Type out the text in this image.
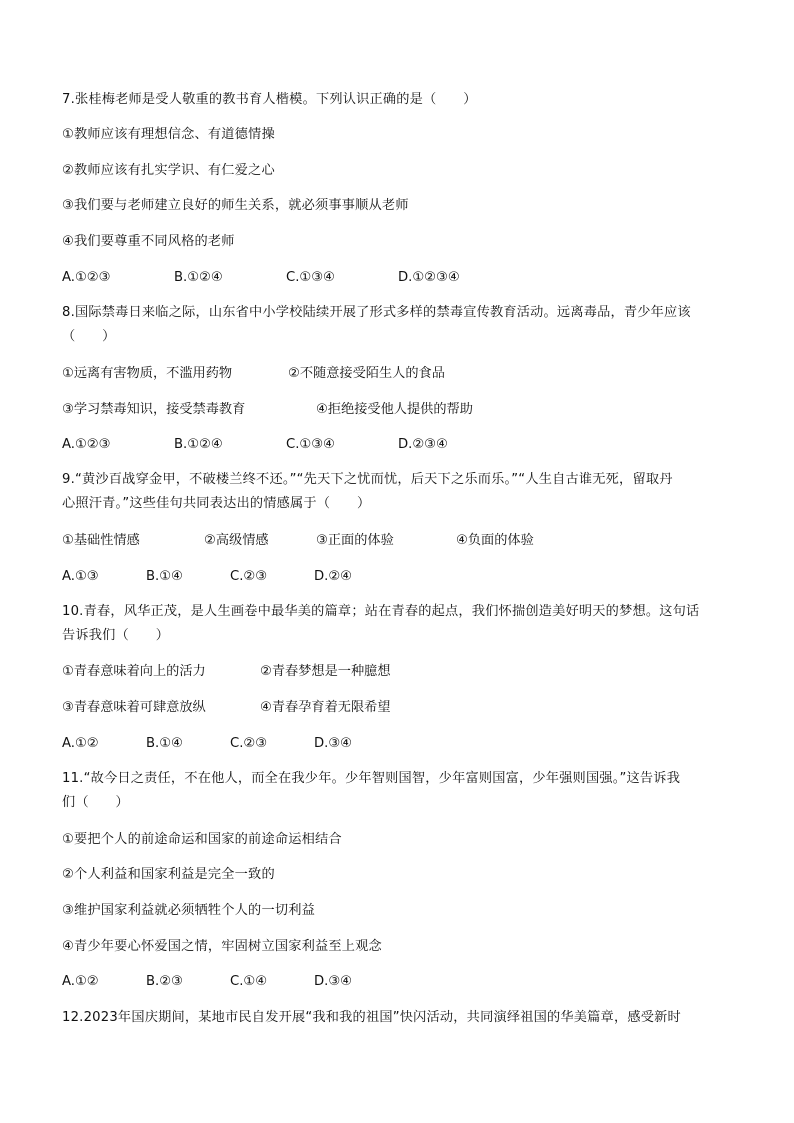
7.张桂梅老师是受人敬重的教书育人楷模。下列认识正确的是（　　）
①教师应该有理想信念、有道德情操
②教师应该有扎实学识、有仁爱之心
③我们要与老师建立良好的师生关系，就必须事事顺从老师
④我们要尊重不同风格的老师
A.①②③	B.①②④	C.①③④	D.①②③④
8.国际禁毒日来临之际，山东省中小学校陆续开展了形式多样的禁毒宣传教育活动。远离毒品，青少年应该
（　　）
①远离有害物质，不滥用药物	②不随意接受陌生人的食品
③学习禁毒知识，接受禁毒教育	④拒绝接受他人提供的帮助
A.①②③	B.①②④	C.①③④	D.②③④
9.“黄沙百战穿金甲，不破楼兰终不还。”“先天下之忧而忧，后天下之乐而乐。”“人生自古谁无死，留取丹
心照汗青。”这些佳句共同表达出的情感属于（　　）
①基础性情感	②高级情感	③正面的体验	④负面的体验
A.①③	B.①④	C.②③	D.②④
10.青春，风华正茂，是人生画卷中最华美的篇章；站在青春的起点，我们怀揣创造美好明天的梦想。这句话
告诉我们（　　）
①青春意味着向上的活力	②青春梦想是一种臆想
③青春意味着可肆意放纵	④青春孕育着无限希望
A.①②	B.①④	C.②③	D.③④
11.“故今日之责任，不在他人，而全在我少年。少年智则国智，少年富则国富，少年强则国强。”这告诉我
们（　　）
①要把个人的前途命运和国家的前途命运相结合
②个人利益和国家利益是完全一致的
③维护国家利益就必须牺牲个人的一切利益
④青少年要心怀爱国之情，牢固树立国家利益至上观念
A.①②	B.②③	C.①④	D.③④
12.2023年国庆期间，某地市民自发开展“我和我的祖国”快闪活动，共同演绎祖国的华美篇章，感受新时
